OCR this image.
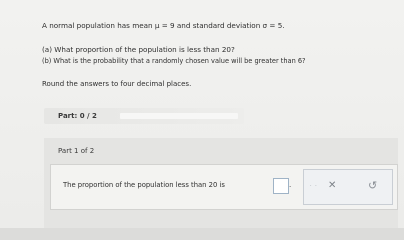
A normal population has mean μ = 9 and standard deviation σ = 5.
(a) What proportion of the population is less than 20?
(b) What is the probability that a randomly chosen value will be greater than 6?
Round the answers to four decimal places.
Part: 0 / 2
Part 1 of 2
The proportion of the population less than 20 is	.	· · ✕	↺
